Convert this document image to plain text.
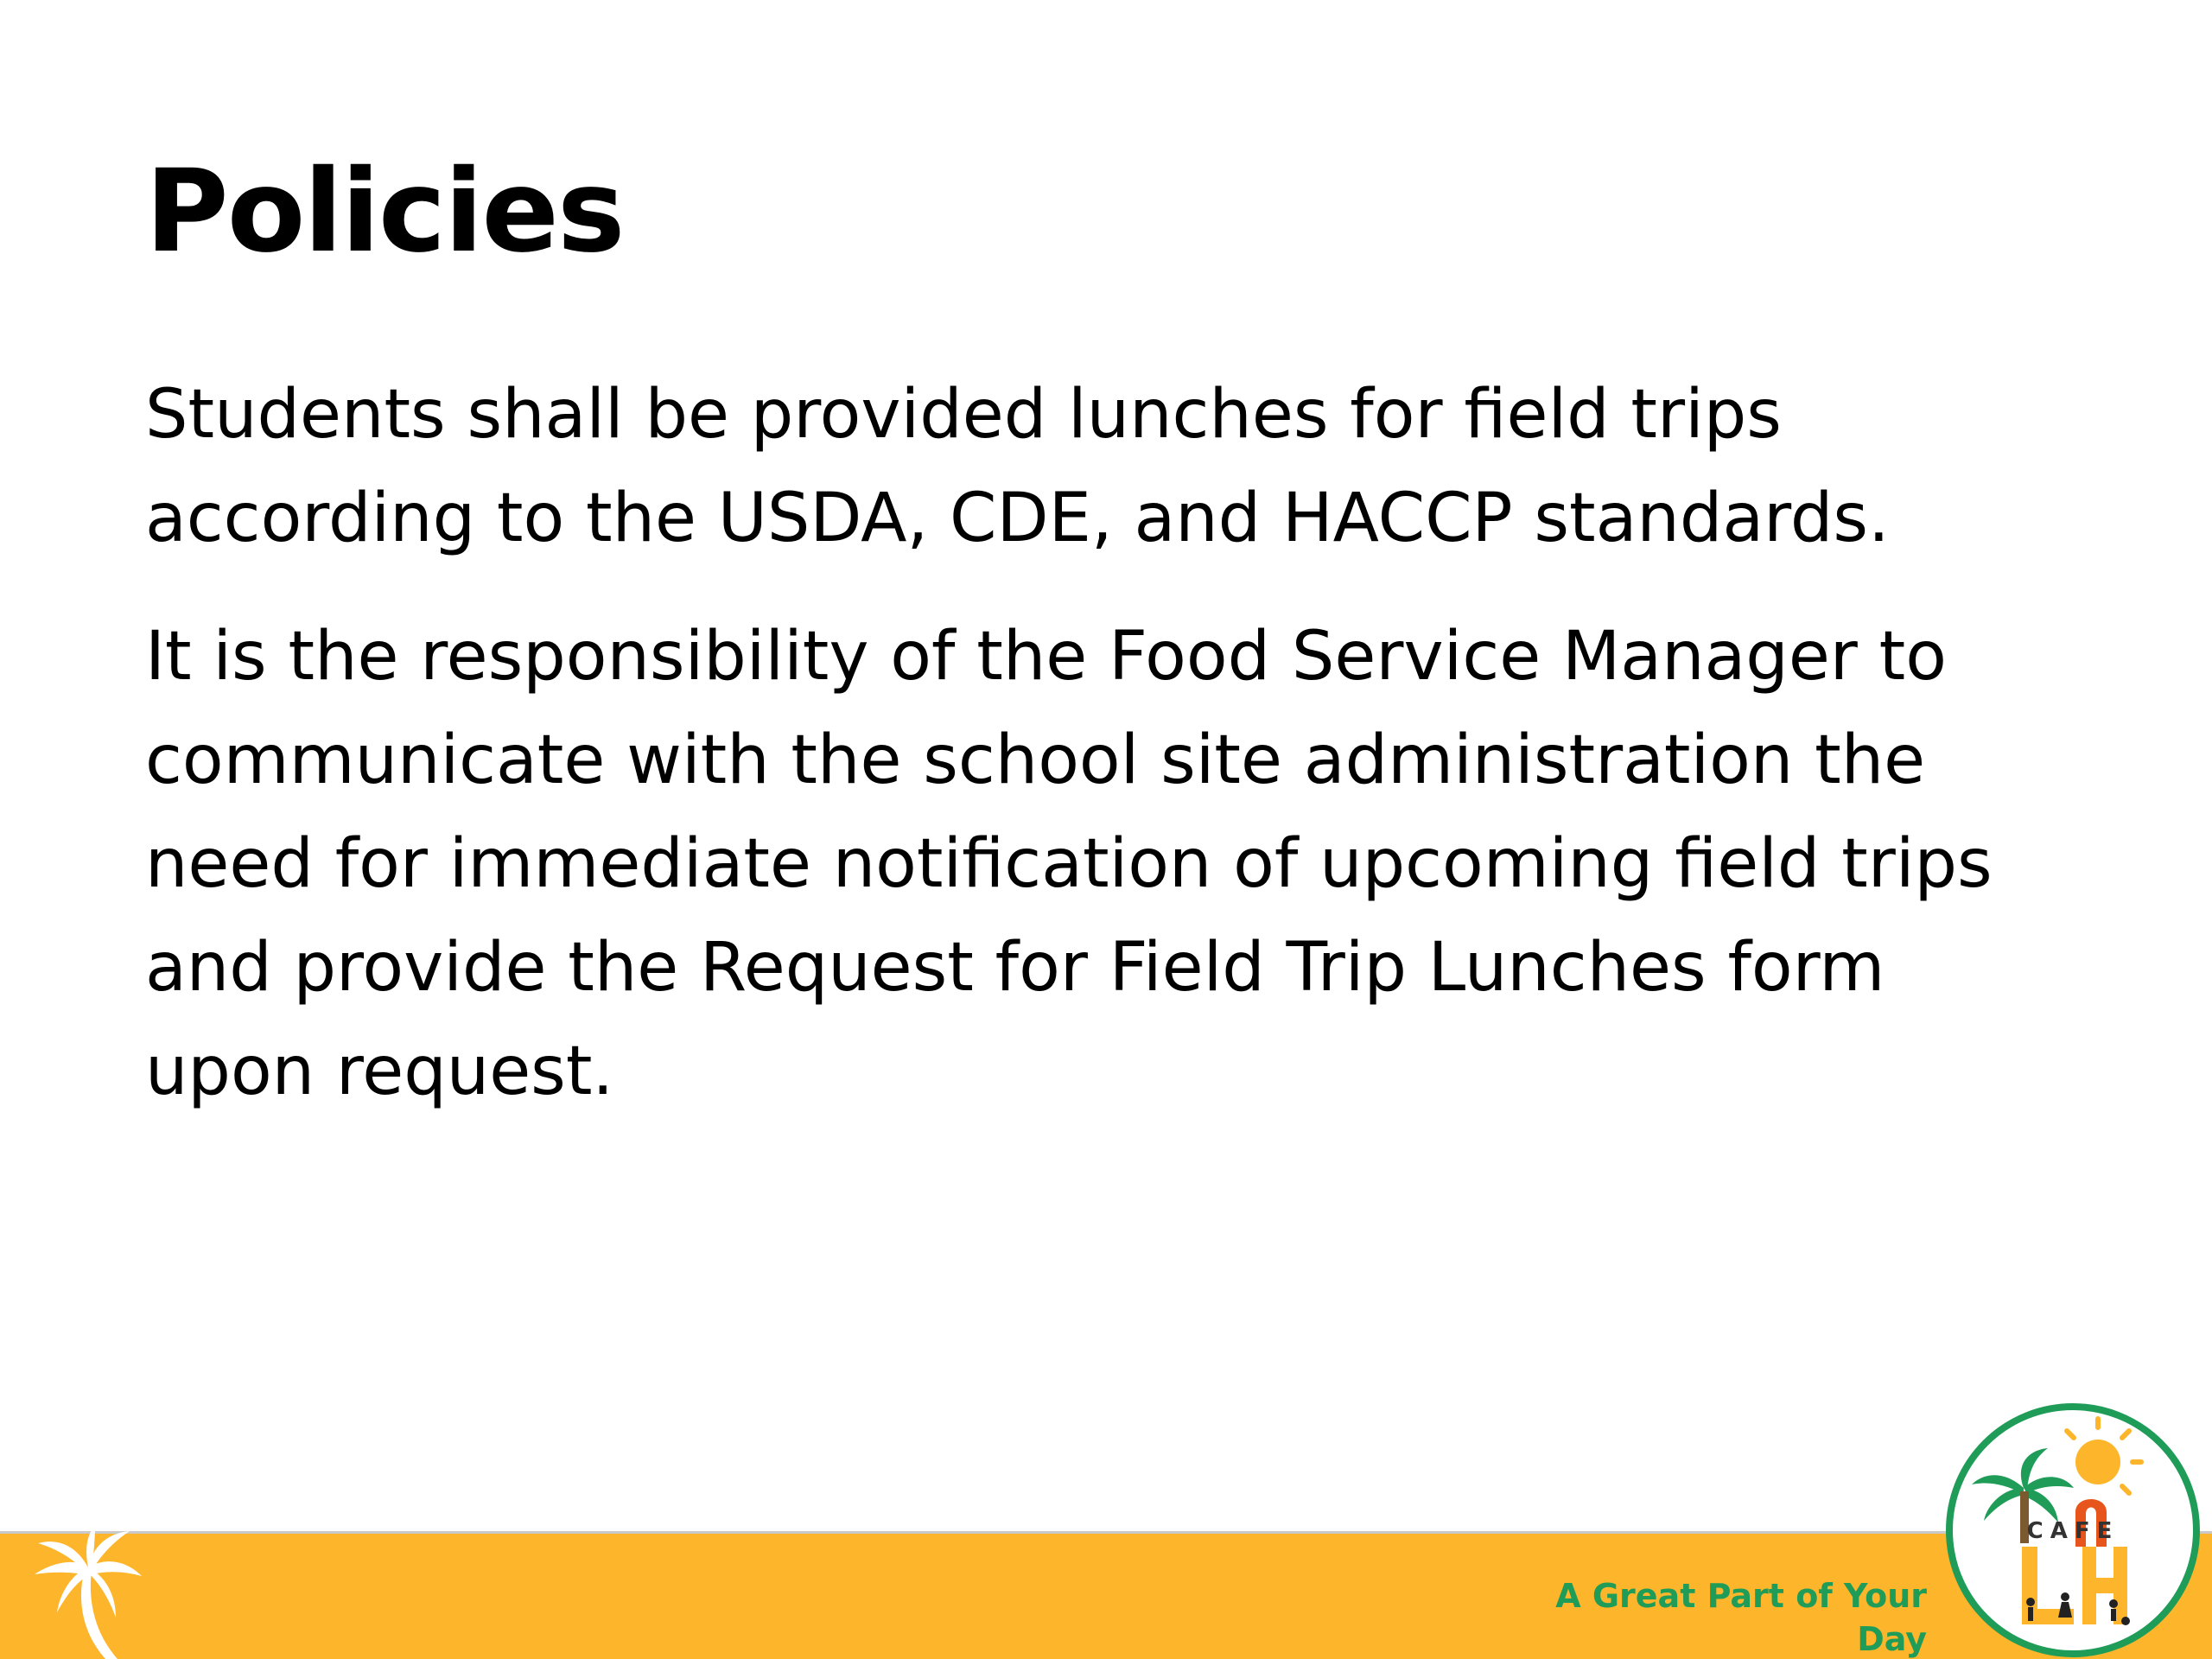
Policies

Students shall be provided lunches for field trips according to the USDA, CDE, and HACCP standards.

It is the responsibility of the Food Service Manager to communicate with the school site administration the need for immediate notification of upcoming field trips and provide the Request for Field Trip Lunches form upon request.

A Great Part of Your Day
CAFE
